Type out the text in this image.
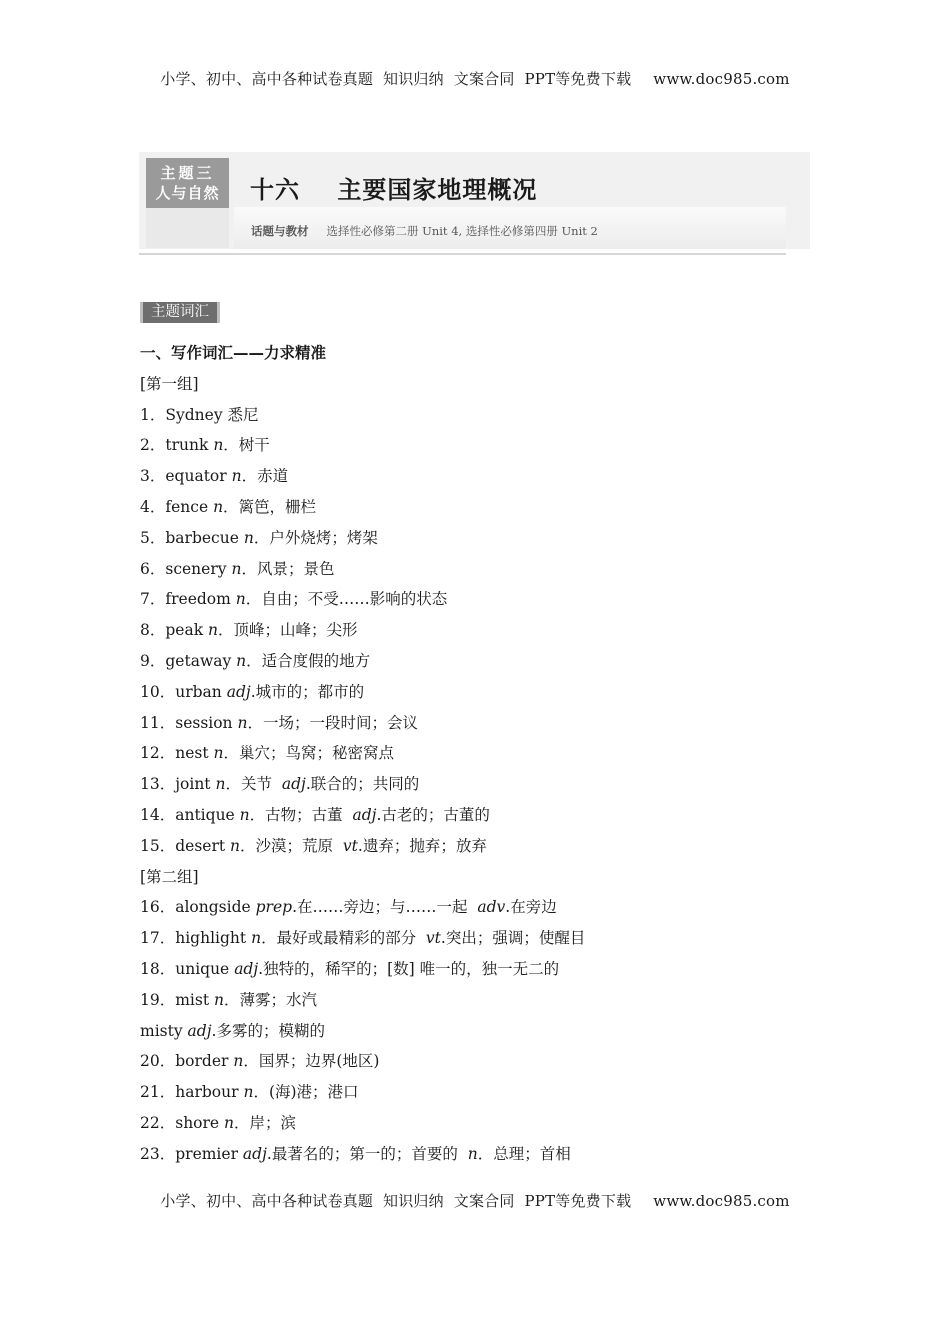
小学、初中、高中各种试卷真题  知识归纳  文案合同  PPT等免费下载 www.doc985.com
主题三
人与自然	十六    主要国家地理概况
话题与教材 选择性必修第二册 Unit 4, 选择性必修第四册 Unit 2
主题词汇
一、写作词汇——力求精准
[第一组]
1．Sydney 悉尼
2．trunk n．树干
3．equator n．赤道
4．fence n．篱笆，栅栏
5．barbecue n．户外烧烤；烤架
6．scenery n．风景；景色
7．freedom n．自由；不受……影响的状态
8．peak n．顶峰；山峰；尖形
9．getaway n．适合度假的地方
10．urban adj.城市的；都市的
11．session n．一场；一段时间；会议
12．nest n．巢穴；鸟窝；秘密窝点
13．joint n．关节  adj.联合的；共同的
14．antique n．古物；古董  adj.古老的；古董的
15．desert n．沙漠；荒原  vt.遗弃；抛弃；放弃
[第二组]
16．alongside prep.在……旁边；与……一起  adv.在旁边
17．highlight n．最好或最精彩的部分  vt.突出；强调；使醒目
18．unique adj.独特的，稀罕的；[数] 唯一的，独一无二的
19．mist n．薄雾；水汽
misty adj.多雾的；模糊的
20．border n．国界；边界(地区)
21．harbour n．(海)港；港口
22．shore n．岸；滨
23．premier adj.最著名的；第一的；首要的  n．总理；首相
小学、初中、高中各种试卷真题  知识归纳  文案合同  PPT等免费下载 www.doc985.com
